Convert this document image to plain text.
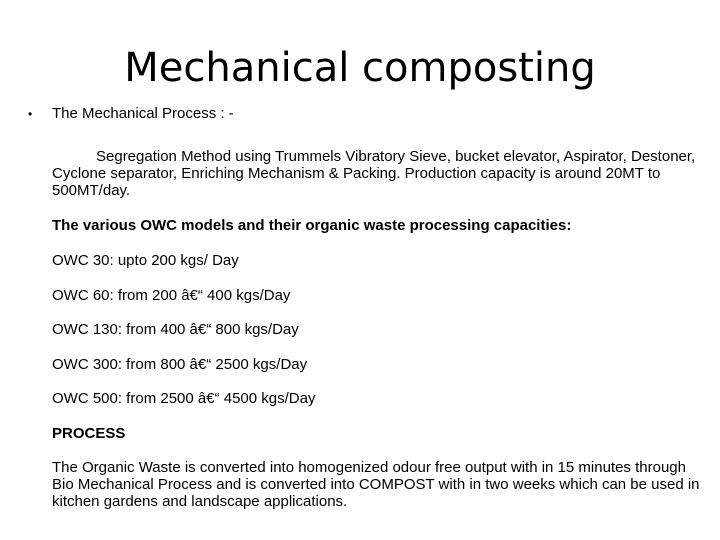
Mechanical composting
•	The Mechanical Process : -

Segregation Method using Trummels Vibratory Sieve, bucket elevator, Aspirator, Destoner, Cyclone separator, Enriching Mechanism & Packing. Production capacity is around 20MT to 500MT/day.

The various OWC models and their organic waste processing capacities:

OWC 30: upto 200 kgs/ Day

OWC 60: from 200 â€“ 400 kgs/Day

OWC 130: from 400 â€“ 800 kgs/Day

OWC 300: from 800 â€“ 2500 kgs/Day

OWC 500: from 2500 â€“ 4500 kgs/Day

PROCESS

The Organic Waste is converted into homogenized odour free output with in 15 minutes through Bio Mechanical Process and is converted into COMPOST with in two weeks which can be used in kitchen gardens and landscape applications.
